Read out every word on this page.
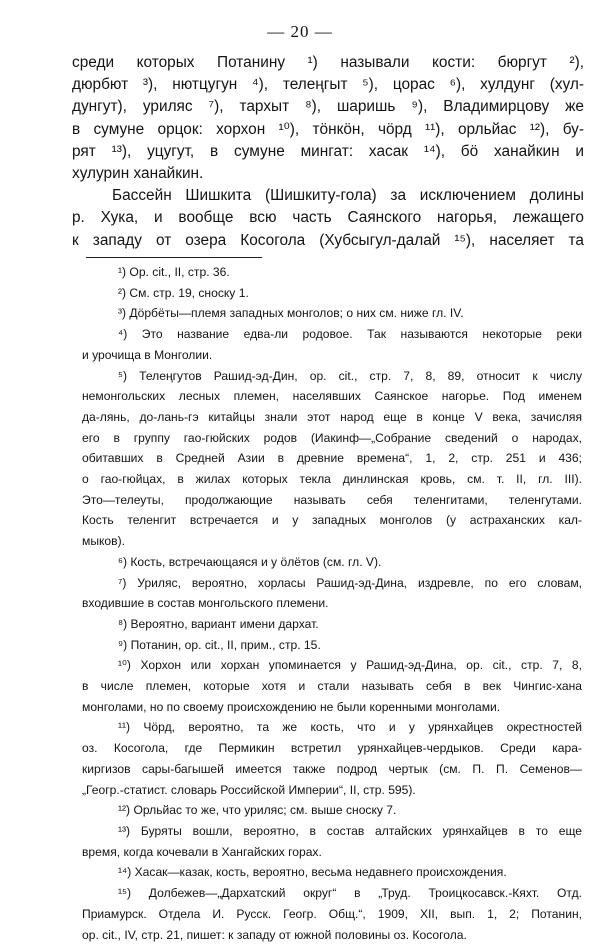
— 20 —
среди которых Потанину ¹) называли кости: бюргут ²),
дюрбют ³), нютцугун ⁴), телеңгыт ⁵), цорас ⁶), хулдунг (хул-
дунгут), уриляс ⁷), тархыт ⁸), шаришь ⁹), Владимирцову же
в сумуне орцок: хорхон ¹⁰), тöнкöн, чöрд ¹¹), орльйас ¹²), бу-
рят ¹³), уцугут, в сумуне мингат: хасак ¹⁴), бö ханайкин и
хулурин ханайкин.
Бассейн Шишкита (Шишкиту-гола) за исключением долины
р. Хука, и вообще всю часть Саянского нагорья, лежащего
к западу от озера Косогола (Хубсыгул-далай ¹⁵), населяет та
¹) Op. cit., II, стр. 36.
²) См. стр. 19, сноску 1.
³) Дöрбёты—племя западных монголов; о них см. ниже гл. IV.
⁴) Это название едва-ли родовое. Так называются некоторые реки
и урочища в Монголии.
⁵) Телеңгутов Рашид-эд-Дин, op. cit., стр. 7, 8, 89, относит к числу
немонгольских лесных племен, населявших Саянское нагорье. Под именем
да-лянь, до-лань-гэ китайцы знали этот народ еще в конце V века, зачисляя
его в группу гао-гюйских родов (Иакинф—„Собрание сведений о народах,
обитавших в Средней Азии в древние времена“, 1, 2, стр. 251 и 436;
о гао-гюйцах, в жилах которых текла динлинская кровь, см. т. II, гл. III).
Это—телеуты, продолжающие называть себя теленгитами, теленгутами.
Кость теленгит встречается и у западных монголов (у астраханских кал-
мыков).
⁶) Кость, встречающаяся и у öлётов (см. гл. V).
⁷) Уриляс, вероятно, хорласы Рашид-эд-Дина, издревле, по его словам,
входившие в состав монгольского племени.
⁸) Вероятно, вариант имени дархат.
⁹) Потанин, op. cit., II, прим., стр. 15.
¹⁰) Хорхон или хорхан упоминается у Рашид-эд-Дина, op. cit., стр. 7, 8,
в числе племен, которые хотя и стали называть себя в век Чингис-хана
монголами, но по своему происхождению не были коренными монголами.
¹¹) Чöрд, вероятно, та же кость, что и у урянхайцев окрестностей
оз. Косогола, где Пермикин встретил урянхайцев-чердыков. Среди кара-
киргизов сары-багышей имеется также подрод чертык (см. П. П. Семенов—
„Геогр.-статист. словарь Российской Империи“, II, стр. 595).
¹²) Орльйас то же, что уриляс; см. выше сноску 7.
¹³) Буряты вошли, вероятно, в состав алтайских урянхайцев в то еще
время, когда кочевали в Хангайских горах.
¹⁴) Хасак—казак, кость, вероятно, весьма недавнего происхождения.
¹⁵) Долбежев—„Дархатский округ“ в „Труд. Троицкосавск.-Кяхт. Отд.
Приамурск. Отдела И. Русск. Геогр. Общ.“, 1909, XII, вып. 1, 2; Потанин,
op. cit., IV, стр. 21, пишет: к западу от южной половины оз. Косогола.
